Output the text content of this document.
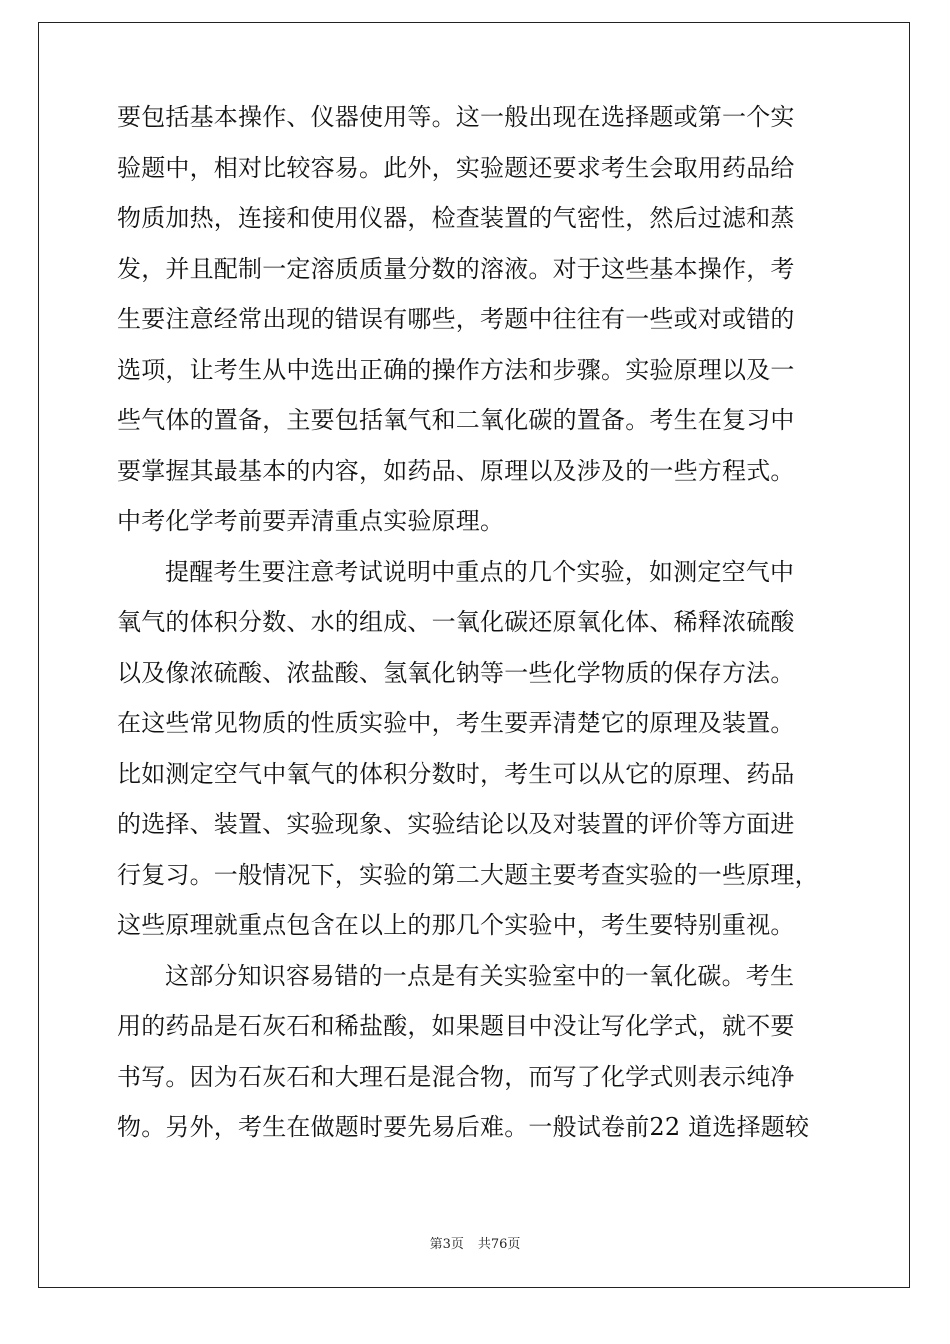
要包括基本操作、仪器使用等。这一般出现在选择题或第一个实
验题中，相对比较容易。此外，实验题还要求考生会取用药品给
物质加热，连接和使用仪器，检查装置的气密性，然后过滤和蒸
发，并且配制一定溶质质量分数的溶液。对于这些基本操作，考
生要注意经常出现的错误有哪些，考题中往往有一些或对或错的
选项，让考生从中选出正确的操作方法和步骤。实验原理以及一
些气体的置备，主要包括氧气和二氧化碳的置备。考生在复习中
要掌握其最基本的内容，如药品、原理以及涉及的一些方程式。
中考化学考前要弄清重点实验原理。
提醒考生要注意考试说明中重点的几个实验，如测定空气中
氧气的体积分数、水的组成、一氧化碳还原氧化体、稀释浓硫酸
以及像浓硫酸、浓盐酸、氢氧化钠等一些化学物质的保存方法。
在这些常见物质的性质实验中，考生要弄清楚它的原理及装置。
比如测定空气中氧气的体积分数时，考生可以从它的原理、药品
的选择、装置、实验现象、实验结论以及对装置的评价等方面进
行复习。一般情况下，实验的第二大题主要考查实验的一些原理，
这些原理就重点包含在以上的那几个实验中，考生要特别重视。
这部分知识容易错的一点是有关实验室中的一氧化碳。考生
用的药品是石灰石和稀盐酸，如果题目中没让写化学式，就不要
书写。因为石灰石和大理石是混合物，而写了化学式则表示纯净
物。另外，考生在做题时要先易后难。一般试卷前22 道选择题较
第3页 共76页
